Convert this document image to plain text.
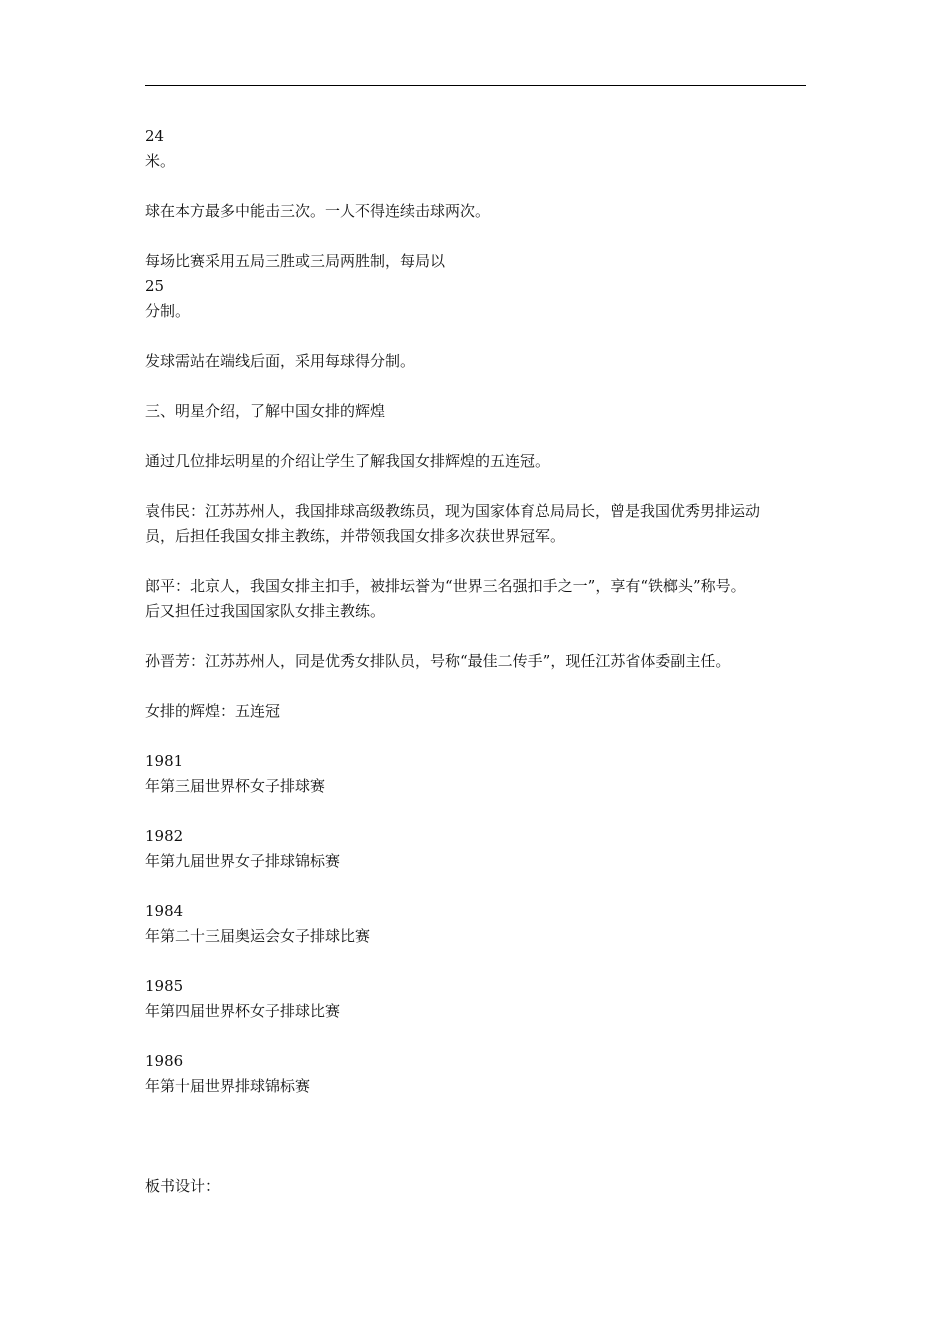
24
米。

球在本方最多中能击三次。一人不得连续击球两次。

每场比赛采用五局三胜或三局两胜制，每局以
25
分制。

发球需站在端线后面，采用每球得分制。

三、明星介绍，了解中国女排的辉煌

通过几位排坛明星的介绍让学生了解我国女排辉煌的五连冠。

袁伟民：江苏苏州人，我国排球高级教练员，现为国家体育总局局长，曾是我国优秀男排运动
员，后担任我国女排主教练，并带领我国女排多次获世界冠军。

郎平：北京人，我国女排主扣手，被排坛誉为“世界三名强扣手之一”，享有“铁榔头”称号。
后又担任过我国国家队女排主教练。

孙晋芳：江苏苏州人，同是优秀女排队员，号称“最佳二传手”，现任江苏省体委副主任。

女排的辉煌：五连冠

1981
年第三届世界杯女子排球赛

1982
年第九届世界女子排球锦标赛

1984
年第二十三届奥运会女子排球比赛

1985
年第四届世界杯女子排球比赛

1986
年第十届世界排球锦标赛

板书设计：
